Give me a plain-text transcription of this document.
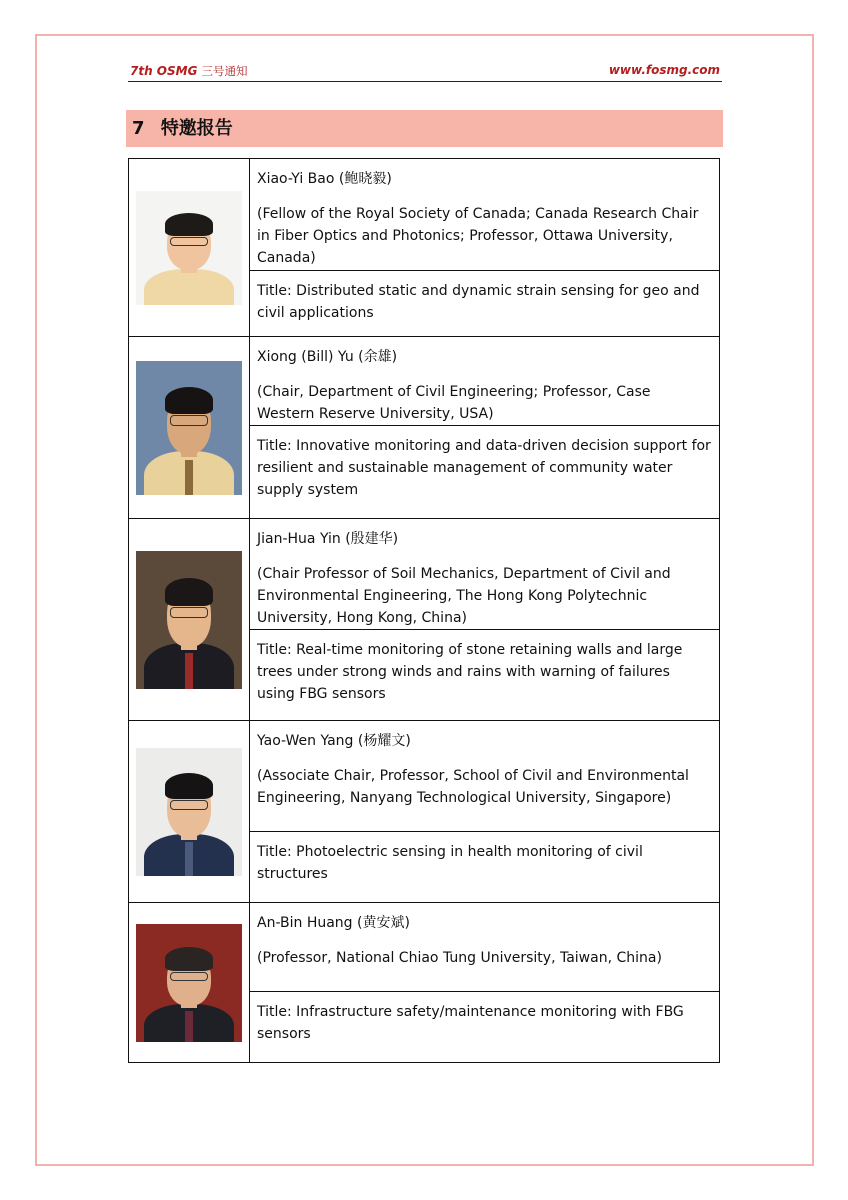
7th OSMG 三号通知	www.fosmg.com
7 特邀报告
Xiao-Yi Bao (鲍晓毅)
(Fellow of the Royal Society of Canada; Canada Research Chair in Fiber Optics and Photonics; Professor, Ottawa University, Canada)
Title: Distributed static and dynamic strain sensing for geo and civil applications
Xiong (Bill) Yu (余雄)
(Chair, Department of Civil Engineering; Professor, Case Western Reserve University, USA)
Title: Innovative monitoring and data-driven decision support for resilient and sustainable management of community water supply system
Jian-Hua Yin (殷建华)
(Chair Professor of Soil Mechanics, Department of Civil and Environmental Engineering, The Hong Kong Polytechnic University, Hong Kong, China)
Title: Real-time monitoring of stone retaining walls and large trees under strong winds and rains with warning of failures using FBG sensors
Yao-Wen Yang (杨耀文)
(Associate Chair, Professor, School of Civil and Environmental Engineering, Nanyang Technological University, Singapore)
Title: Photoelectric sensing in health monitoring of civil structures
An-Bin Huang (黄安斌)
(Professor, National Chiao Tung University, Taiwan, China)
Title: Infrastructure safety/maintenance monitoring with FBG sensors
